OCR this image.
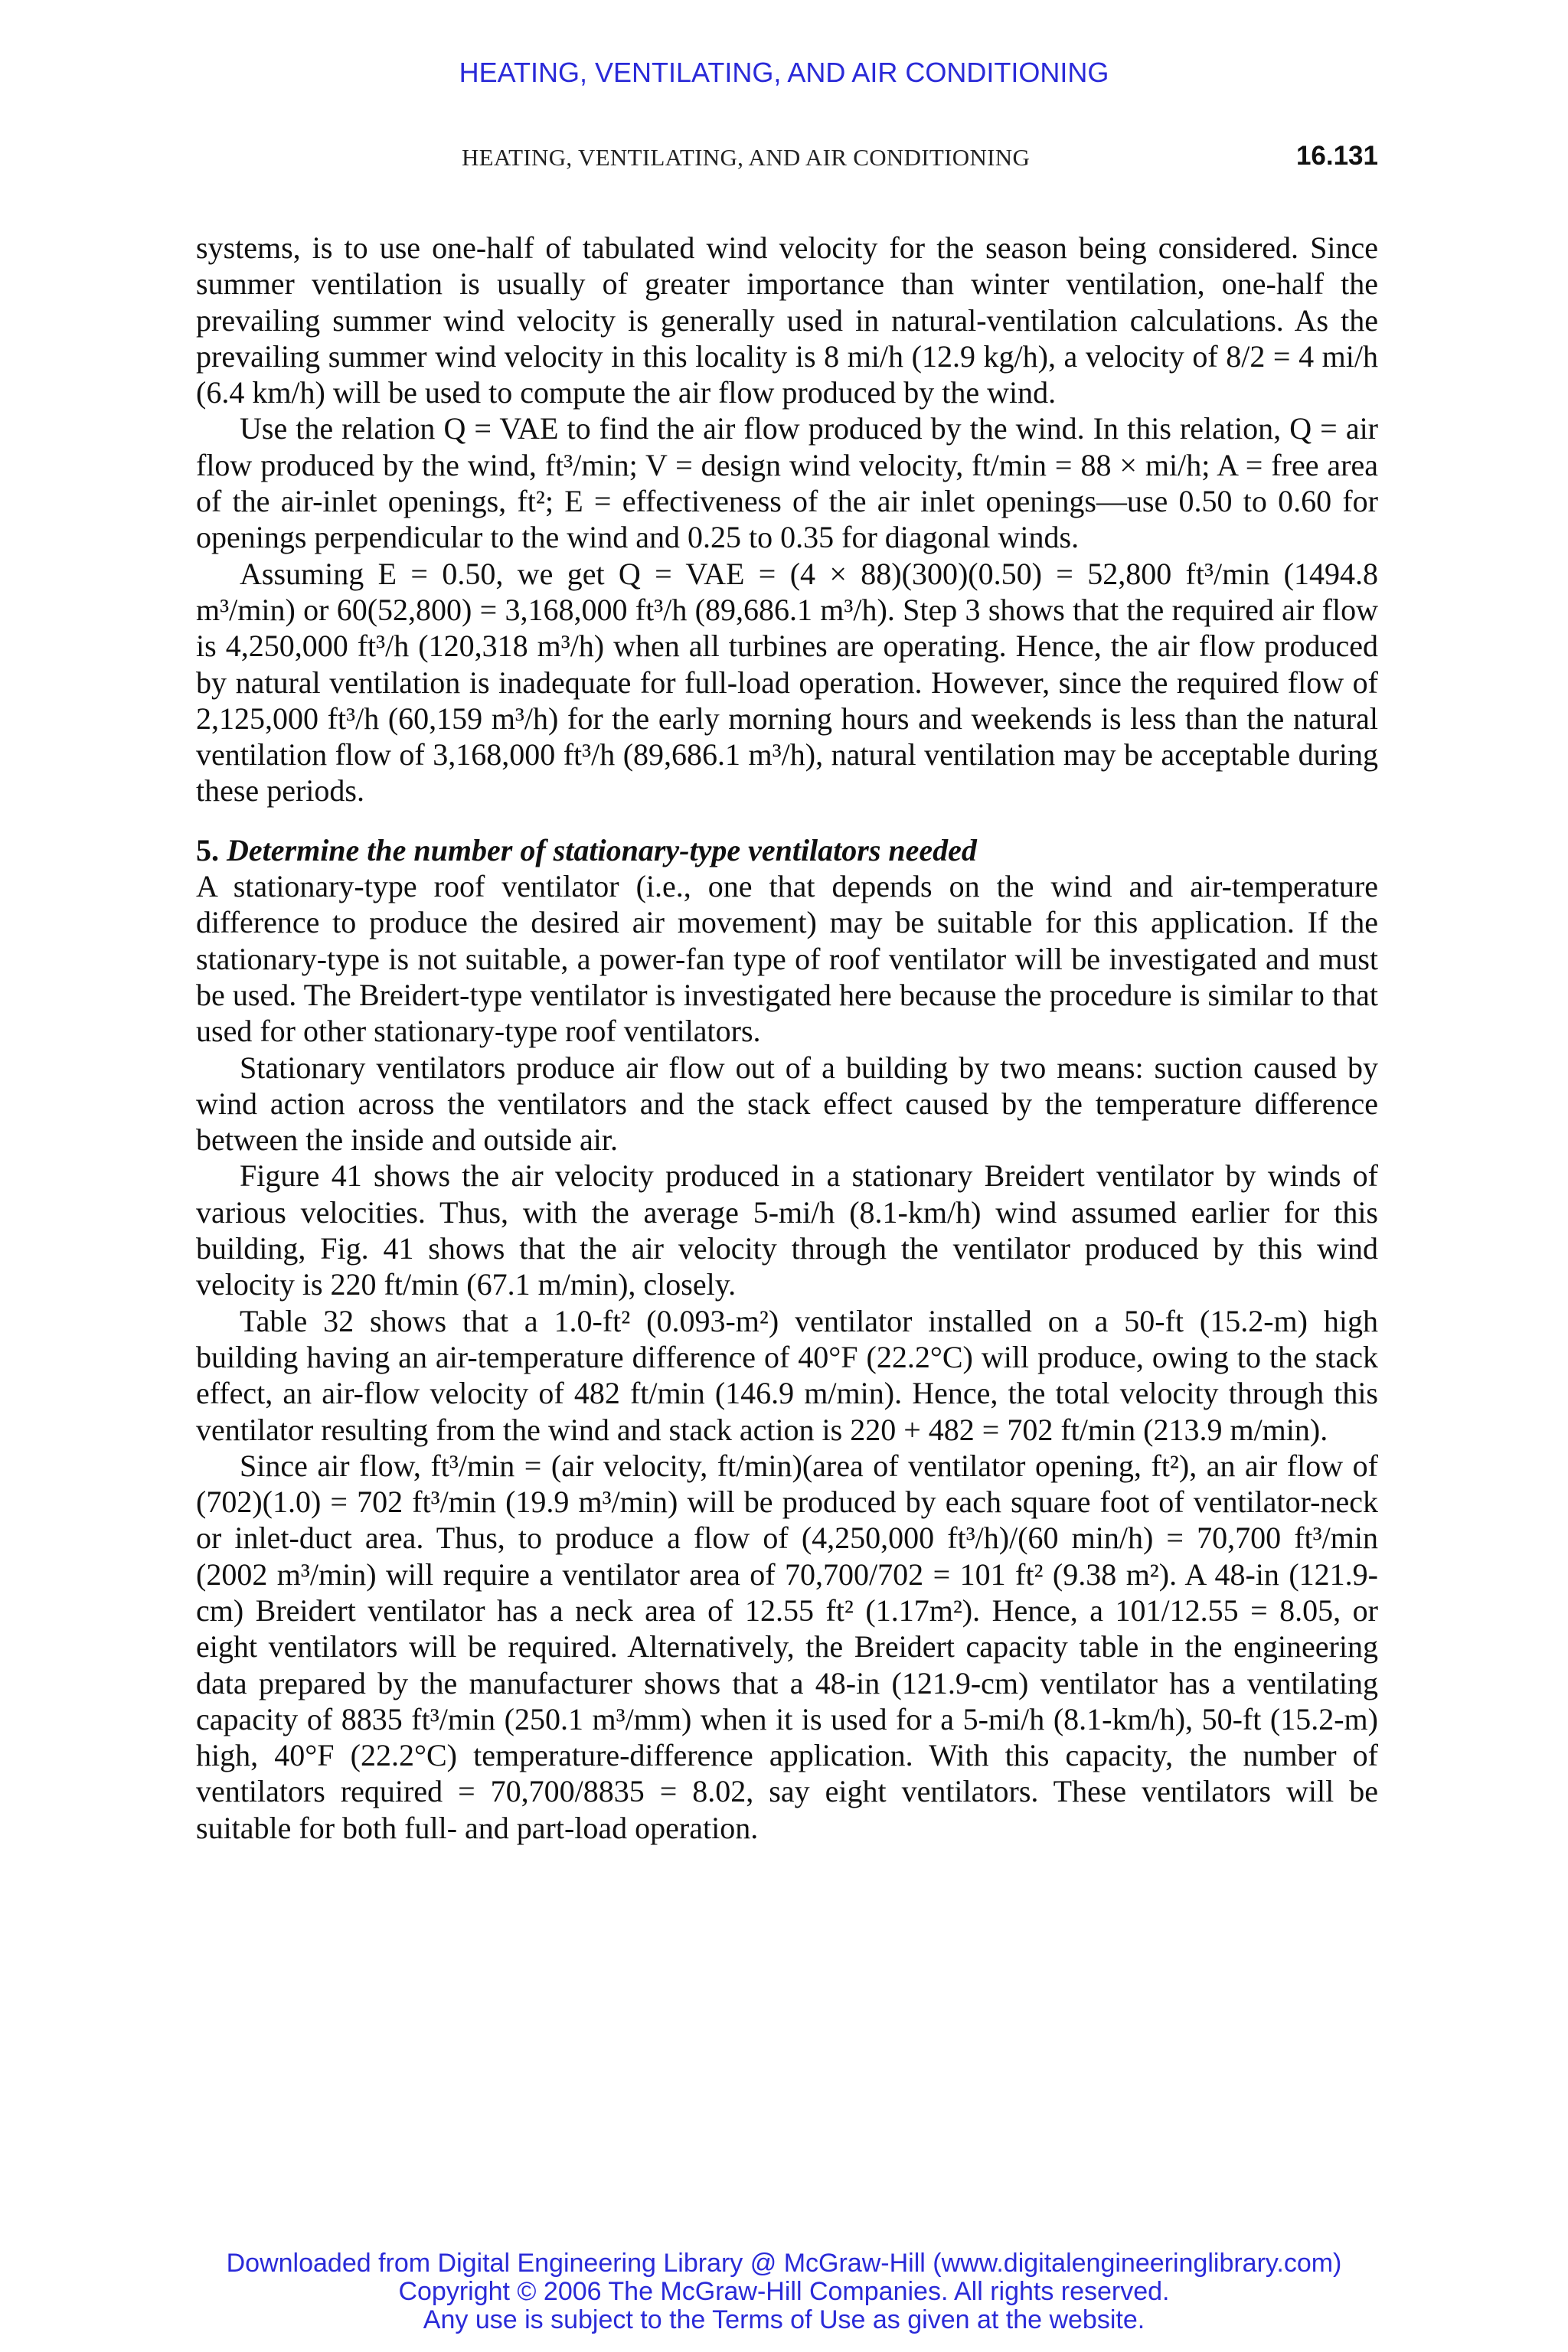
HEATING, VENTILATING, AND AIR CONDITIONING
HEATING, VENTILATING, AND AIR CONDITIONING	16.131

systems, is to use one-half of tabulated wind velocity for the season being considered. Since summer ventilation is usually of greater importance than winter ventilation, one-half the prevailing summer wind velocity is generally used in natural-ventilation calculations. As the prevailing summer wind velocity in this locality is 8 mi/h (12.9 kg/h), a velocity of 8/2 = 4 mi/h (6.4 km/h) will be used to compute the air flow produced by the wind.

Use the relation Q = VAE to find the air flow produced by the wind. In this relation, Q = air flow produced by the wind, ft³/min; V = design wind velocity, ft/min = 88 × mi/h; A = free area of the air-inlet openings, ft²; E = effectiveness of the air inlet openings—use 0.50 to 0.60 for openings perpendicular to the wind and 0.25 to 0.35 for diagonal winds.

Assuming E = 0.50, we get Q = VAE = (4 × 88)(300)(0.50) = 52,800 ft³/min (1494.8 m³/min) or 60(52,800) = 3,168,000 ft³/h (89,686.1 m³/h). Step 3 shows that the required air flow is 4,250,000 ft³/h (120,318 m³/h) when all turbines are operating. Hence, the air flow produced by natural ventilation is inadequate for full-load operation. However, since the required flow of 2,125,000 ft³/h (60,159 m³/h) for the early morning hours and weekends is less than the natural ventilation flow of 3,168,000 ft³/h (89,686.1 m³/h), natural ventilation may be acceptable during these periods.

5. Determine the number of stationary-type ventilators needed

A stationary-type roof ventilator (i.e., one that depends on the wind and air-temperature difference to produce the desired air movement) may be suitable for this application. If the stationary-type is not suitable, a power-fan type of roof ventilator will be investigated and must be used. The Breidert-type ventilator is investigated here because the procedure is similar to that used for other stationary-type roof ventilators.

Stationary ventilators produce air flow out of a building by two means: suction caused by wind action across the ventilators and the stack effect caused by the temperature difference between the inside and outside air.

Figure 41 shows the air velocity produced in a stationary Breidert ventilator by winds of various velocities. Thus, with the average 5-mi/h (8.1-km/h) wind assumed earlier for this building, Fig. 41 shows that the air velocity through the ventilator produced by this wind velocity is 220 ft/min (67.1 m/min), closely.

Table 32 shows that a 1.0-ft² (0.093-m²) ventilator installed on a 50-ft (15.2-m) high building having an air-temperature difference of 40°F (22.2°C) will produce, owing to the stack effect, an air-flow velocity of 482 ft/min (146.9 m/min). Hence, the total velocity through this ventilator resulting from the wind and stack action is 220 + 482 = 702 ft/min (213.9 m/min).

Since air flow, ft³/min = (air velocity, ft/min)(area of ventilator opening, ft²), an air flow of (702)(1.0) = 702 ft³/min (19.9 m³/min) will be produced by each square foot of ventilator-neck or inlet-duct area. Thus, to produce a flow of (4,250,000 ft³/h)/(60 min/h) = 70,700 ft³/min (2002 m³/min) will require a ventilator area of 70,700/702 = 101 ft² (9.38 m²). A 48-in (121.9-cm) Breidert ventilator has a neck area of 12.55 ft² (1.17m²). Hence, a 101/12.55 = 8.05, or eight ventilators will be required. Alternatively, the Breidert capacity table in the engineering data prepared by the manufacturer shows that a 48-in (121.9-cm) ventilator has a ventilating capacity of 8835 ft³/min (250.1 m³/mm) when it is used for a 5-mi/h (8.1-km/h), 50-ft (15.2-m) high, 40°F (22.2°C) temperature-difference application. With this capacity, the number of ventilators required = 70,700/8835 = 8.02, say eight ventilators. These ventilators will be suitable for both full- and part-load operation.

Downloaded from Digital Engineering Library @ McGraw-Hill (www.digitalengineeringlibrary.com)
Copyright © 2006 The McGraw-Hill Companies. All rights reserved.
Any use is subject to the Terms of Use as given at the website.
